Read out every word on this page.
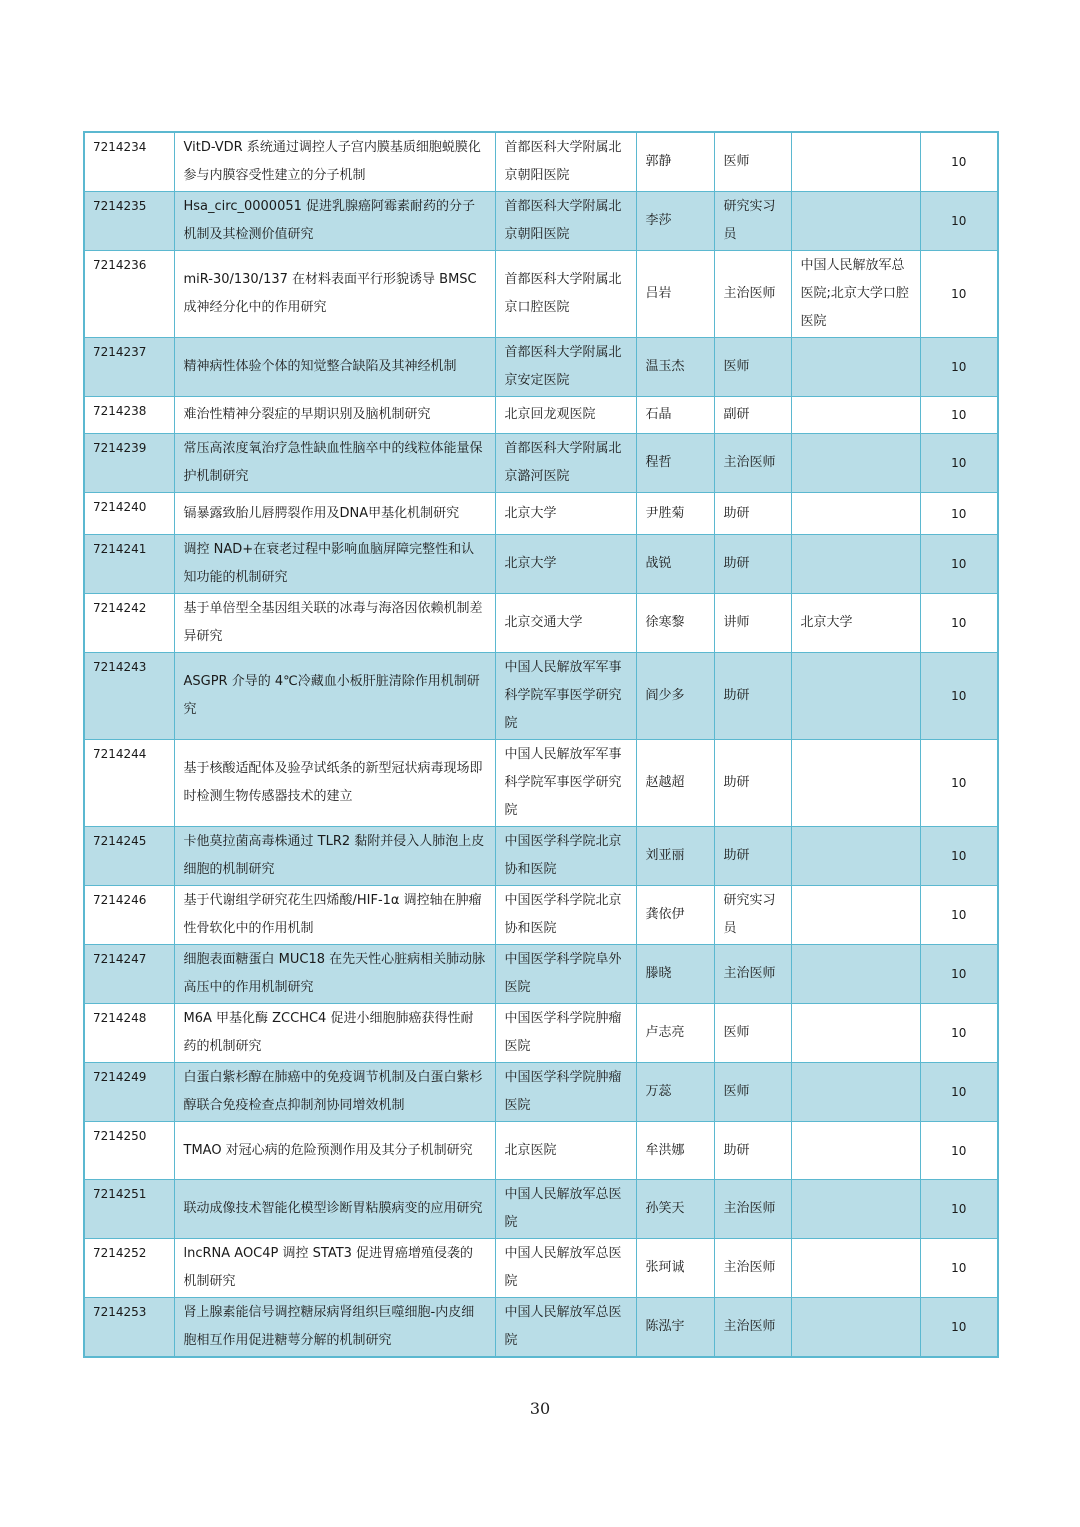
7214234	VitD-VDR 系统通过调控人子宫内膜基质细胞蜕膜化参与内膜容受性建立的分子机制	首都医科大学附属北京朝阳医院	郭静	医师		10
7214235	Hsa_circ_0000051 促进乳腺癌阿霉素耐药的分子机制及其检测价值研究	首都医科大学附属北京朝阳医院	李莎	研究实习员		10
7214236	miR-30/130/137 在材料表面平行形貌诱导 BMSC 成神经分化中的作用研究	首都医科大学附属北京口腔医院	吕岩	主治医师	中国人民解放军总医院;北京大学口腔医院	10
7214237	精神病性体验个体的知觉整合缺陷及其神经机制	首都医科大学附属北京安定医院	温玉杰	医师		10
7214238	难治性精神分裂症的早期识别及脑机制研究	北京回龙观医院	石晶	副研		10
7214239	常压高浓度氧治疗急性缺血性脑卒中的线粒体能量保护机制研究	首都医科大学附属北京潞河医院	程哲	主治医师		10
7214240	镉暴露致胎儿唇腭裂作用及DNA甲基化机制研究	北京大学	尹胜菊	助研		10
7214241	调控 NAD+在衰老过程中影响血脑屏障完整性和认知功能的机制研究	北京大学	战锐	助研		10
7214242	基于单倍型全基因组关联的冰毒与海洛因依赖机制差异研究	北京交通大学	徐寒黎	讲师	北京大学	10
7214243	ASGPR 介导的 4℃冷藏血小板肝脏清除作用机制研究	中国人民解放军军事科学院军事医学研究院	阎少多	助研		10
7214244	基于核酸适配体及验孕试纸条的新型冠状病毒现场即时检测生物传感器技术的建立	中国人民解放军军事科学院军事医学研究院	赵越超	助研		10
7214245	卡他莫拉菌高毒株通过 TLR2 黏附并侵入人肺泡上皮细胞的机制研究	中国医学科学院北京协和医院	刘亚丽	助研		10
7214246	基于代谢组学研究花生四烯酸/HIF-1α 调控轴在肿瘤性骨软化中的作用机制	中国医学科学院北京协和医院	龚依伊	研究实习员		10
7214247	细胞表面糖蛋白 MUC18 在先天性心脏病相关肺动脉高压中的作用机制研究	中国医学科学院阜外医院	滕晓	主治医师		10
7214248	M6A 甲基化酶 ZCCHC4 促进小细胞肺癌获得性耐药的机制研究	中国医学科学院肿瘤医院	卢志亮	医师		10
7214249	白蛋白紫杉醇在肺癌中的免疫调节机制及白蛋白紫杉醇联合免疫检查点抑制剂协同增效机制	中国医学科学院肿瘤医院	万蕊	医师		10
7214250	TMAO 对冠心病的危险预测作用及其分子机制研究	北京医院	牟洪娜	助研		10
7214251	联动成像技术智能化模型诊断胃粘膜病变的应用研究	中国人民解放军总医院	孙笑天	主治医师		10
7214252	lncRNA AOC4P 调控 STAT3 促进胃癌增殖侵袭的机制研究	中国人民解放军总医院	张珂诚	主治医师		10
7214253	肾上腺素能信号调控糖尿病肾组织巨噬细胞-内皮细胞相互作用促进糖萼分解的机制研究	中国人民解放军总医院	陈泓宇	主治医师		10
30
